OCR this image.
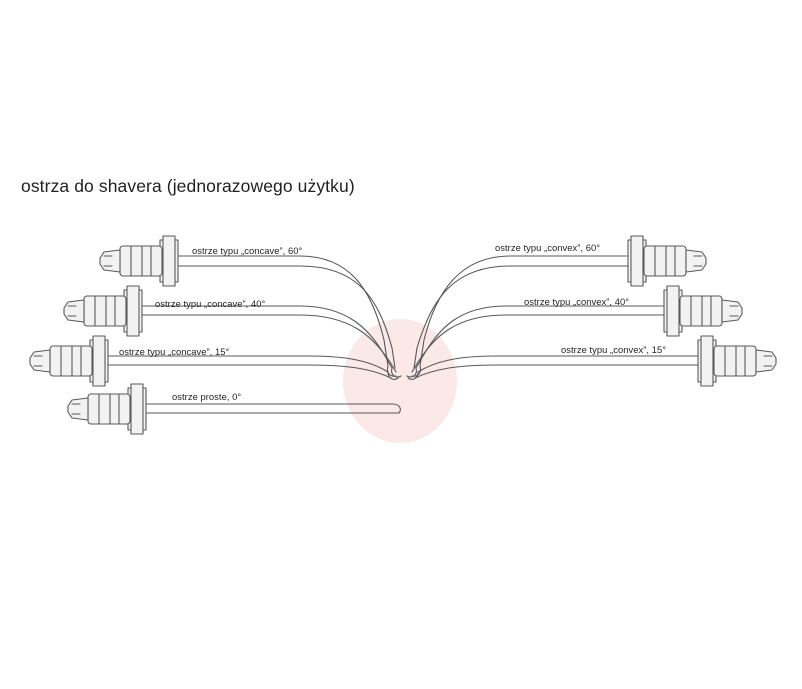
ostrza do shavera (jednorazowego użytku)
ostrze typu „concave”, 60°
ostrze typu „concave”, 40°
ostrze typu „concave”, 15°
ostrze proste, 0°
ostrze typu „convex”, 60°
ostrze typu „convex”, 40°
ostrze typu „convex”, 15°
